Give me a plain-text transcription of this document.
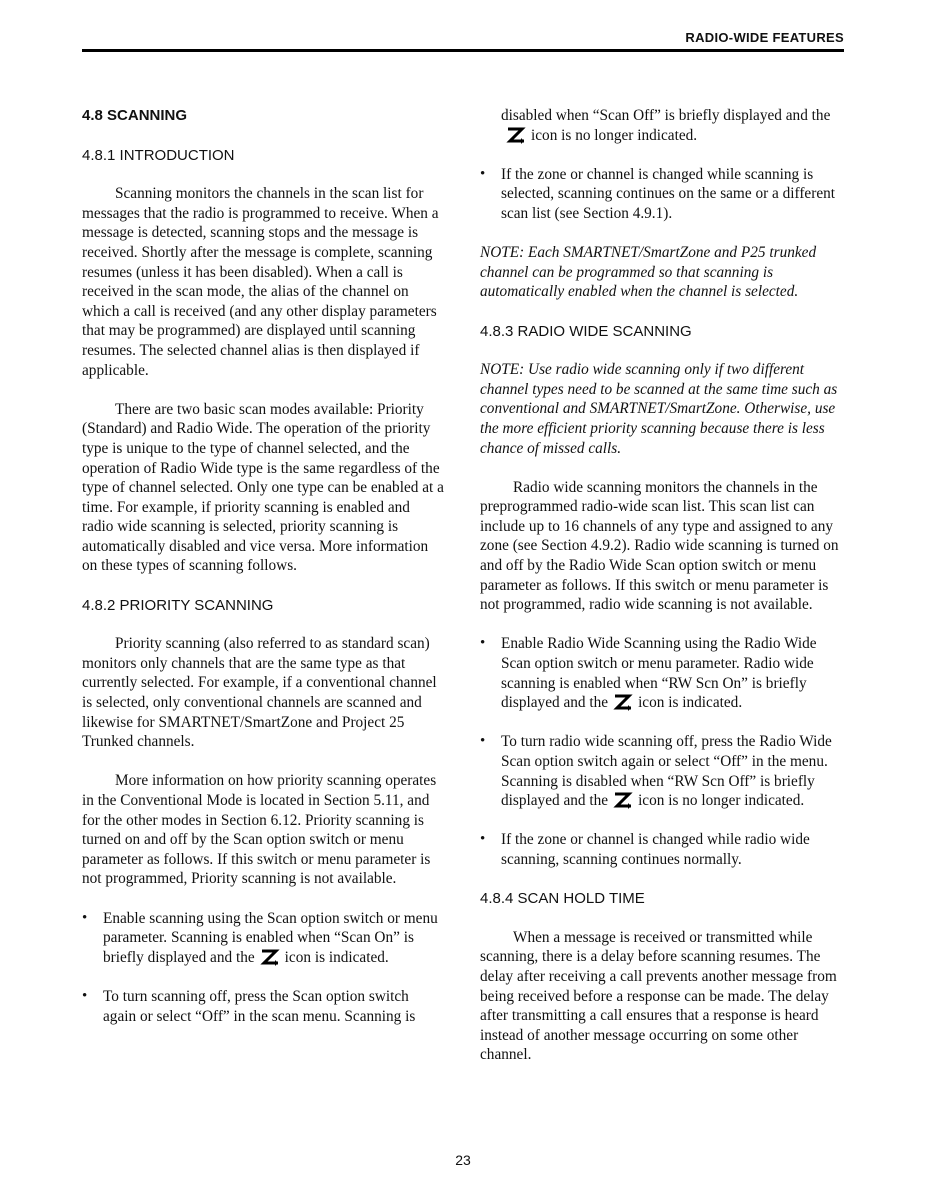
RADIO-WIDE FEATURES
4.8 SCANNING
4.8.1 INTRODUCTION

Scanning monitors the channels in the scan list for messages that the radio is programmed to receive. When a message is detected, scanning stops and the message is received. Shortly after the message is complete, scanning resumes (unless it has been disabled). When a call is received in the scan mode, the alias of the channel on which a call is received (and any other display parameters that may be programmed) are displayed until scanning resumes. The selected channel alias is then displayed if applicable.

There are two basic scan modes available: Priority (Standard) and Radio Wide. The operation of the priority type is unique to the type of channel selected, and the operation of Radio Wide type is the same regardless of the type of channel selected. Only one type can be enabled at a time. For example, if priority scanning is enabled and radio wide scanning is selected, priority scanning is automatically disabled and vice versa. More information on these types of scanning follows.

4.8.2 PRIORITY SCANNING

Priority scanning (also referred to as standard scan) monitors only channels that are the same type as that currently selected. For example, if a conventional channel is selected, only conventional channels are scanned and likewise for SMARTNET/SmartZone and Project 25 Trunked channels.

More information on how priority scanning operates in the Conventional Mode is located in Section 5.11, and for the other modes in Section 6.12. Priority scanning is turned on and off by the Scan option switch or menu parameter as follows. If this switch or menu parameter is not programmed, Priority scanning is not available.

• Enable scanning using the Scan option switch or menu parameter. Scanning is enabled when “Scan On” is briefly displayed and the icon is indicated.
• To turn scanning off, press the Scan option switch again or select “Off” in the scan menu. Scanning is
disabled when “Scan Off” is briefly displayed and the
icon is no longer indicated.
• If the zone or channel is changed while scanning is selected, scanning continues on the same or a different scan list (see Section 4.9.1).

NOTE: Each SMARTNET/SmartZone and P25 trunked channel can be programmed so that scanning is automatically enabled when the channel is selected.

4.8.3 RADIO WIDE SCANNING

NOTE: Use radio wide scanning only if two different channel types need to be scanned at the same time such as conventional and SMARTNET/SmartZone. Otherwise, use the more efficient priority scanning because there is less chance of missed calls.

Radio wide scanning monitors the channels in the preprogrammed radio-wide scan list. This scan list can include up to 16 channels of any type and assigned to any zone (see Section 4.9.2). Radio wide scanning is turned on and off by the Radio Wide Scan option switch or menu parameter as follows. If this switch or menu parameter is not programmed, radio wide scanning is not available.

• Enable Radio Wide Scanning using the Radio Wide Scan option switch or menu parameter. Radio wide scanning is enabled when “RW Scn On” is briefly displayed and the icon is indicated.
• To turn radio wide scanning off, press the Radio Wide Scan option switch again or select “Off” in the menu. Scanning is disabled when “RW Scn Off” is briefly displayed and the icon is no longer indicated.
• If the zone or channel is changed while radio wide scanning, scanning continues normally.
4.8.4 SCAN HOLD TIME

When a message is received or transmitted while scanning, there is a delay before scanning resumes. The delay after receiving a call prevents another message from being received before a response can be made. The delay after transmitting a call ensures that a response is heard instead of another message occurring on some other channel.

23
